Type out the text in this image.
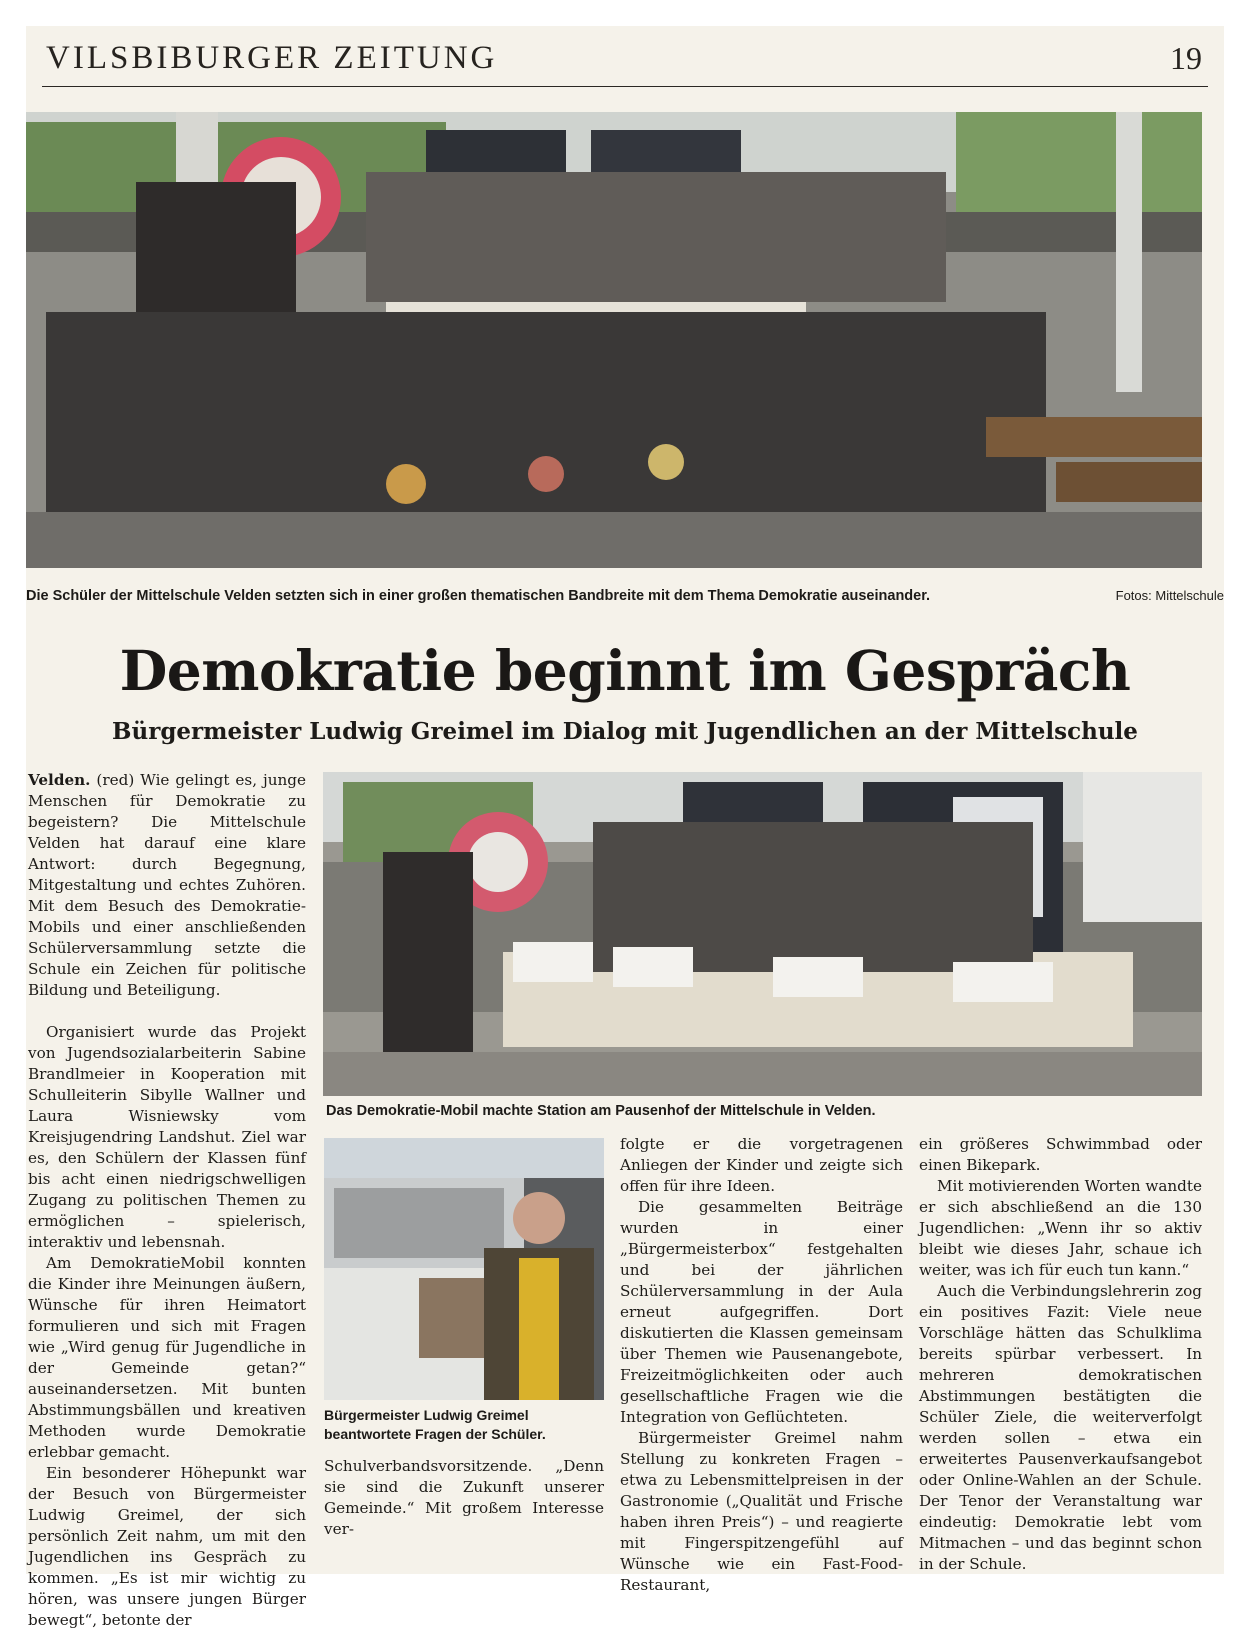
VILSBIBURGER ZEITUNG	19
Die Schüler der Mittelschule Velden setzten sich in einer großen thematischen Bandbreite mit dem Thema Demokratie auseinander.	Fotos: Mittelschule
Demokratie beginnt im Gespräch
Bürgermeister Ludwig Greimel im Dialog mit Jugendlichen an der Mittelschule

Velden. (red) Wie gelingt es, junge Menschen für Demokratie zu begeistern? Die Mittelschule Velden hat darauf eine klare Antwort: durch Begegnung, Mitgestaltung und echtes Zuhören. Mit dem Besuch des Demokratie-Mobils und einer anschließenden Schülerversammlung setzte die Schule ein Zeichen für politische Bildung und Beteiligung.

Organisiert wurde das Projekt von Jugendsozialarbeiterin Sabine Brandlmeier in Kooperation mit Schulleiterin Sibylle Wallner und Laura Wisniewsky vom Kreisjugendring Landshut. Ziel war es, den Schülern der Klassen fünf bis acht einen niedrigschwelligen Zugang zu politischen Themen zu ermöglichen – spielerisch, interaktiv und lebensnah.

Am DemokratieMobil konnten die Kinder ihre Meinungen äußern, Wünsche für ihren Heimatort formulieren und sich mit Fragen wie „Wird genug für Jugendliche in der Gemeinde getan?“ auseinandersetzen. Mit bunten Abstimmungsbällen und kreativen Methoden wurde Demokratie erlebbar gemacht.

Ein besonderer Höhepunkt war der Besuch von Bürgermeister Ludwig Greimel, der sich persönlich Zeit nahm, um mit den Jugendlichen ins Gespräch zu kommen. „Es ist mir wichtig zu hören, was unsere jungen Bürger bewegt“, betonte der

Das Demokratie-Mobil machte Station am Pausenhof der Mittelschule in Velden.
Bürgermeister Ludwig Greimel beantwortete Fragen der Schüler.

Schulverbandsvorsitzende. „Denn sie sind die Zukunft unserer Gemeinde.“ Mit großem Interesse ver-

folgte er die vorgetragenen Anliegen der Kinder und zeigte sich offen für ihre Ideen.

Die gesammelten Beiträge wurden in einer „Bürgermeisterbox“ festgehalten und bei der jährlichen Schülerversammlung in der Aula erneut aufgegriffen. Dort diskutierten die Klassen gemeinsam über Themen wie Pausenangebote, Freizeitmöglichkeiten oder auch gesellschaftliche Fragen wie die Integration von Geflüchteten.

Bürgermeister Greimel nahm Stellung zu konkreten Fragen – etwa zu Lebensmittelpreisen in der Gastronomie („Qualität und Frische haben ihren Preis“) – und reagierte mit Fingerspitzengefühl auf Wünsche wie ein Fast-Food-Restaurant,

ein größeres Schwimmbad oder einen Bikepark.

Mit motivierenden Worten wandte er sich abschließend an die 130 Jugendlichen: „Wenn ihr so aktiv bleibt wie dieses Jahr, schaue ich weiter, was ich für euch tun kann.“

Auch die Verbindungslehrerin zog ein positives Fazit: Viele neue Vorschläge hätten das Schulklima bereits spürbar verbessert. In mehreren demokratischen Abstimmungen bestätigten die Schüler Ziele, die weiterverfolgt werden sollen – etwa ein erweitertes Pausenverkaufsangebot oder Online-Wahlen an der Schule. Der Tenor der Veranstaltung war eindeutig: Demokratie lebt vom Mitmachen – und das beginnt schon in der Schule.
